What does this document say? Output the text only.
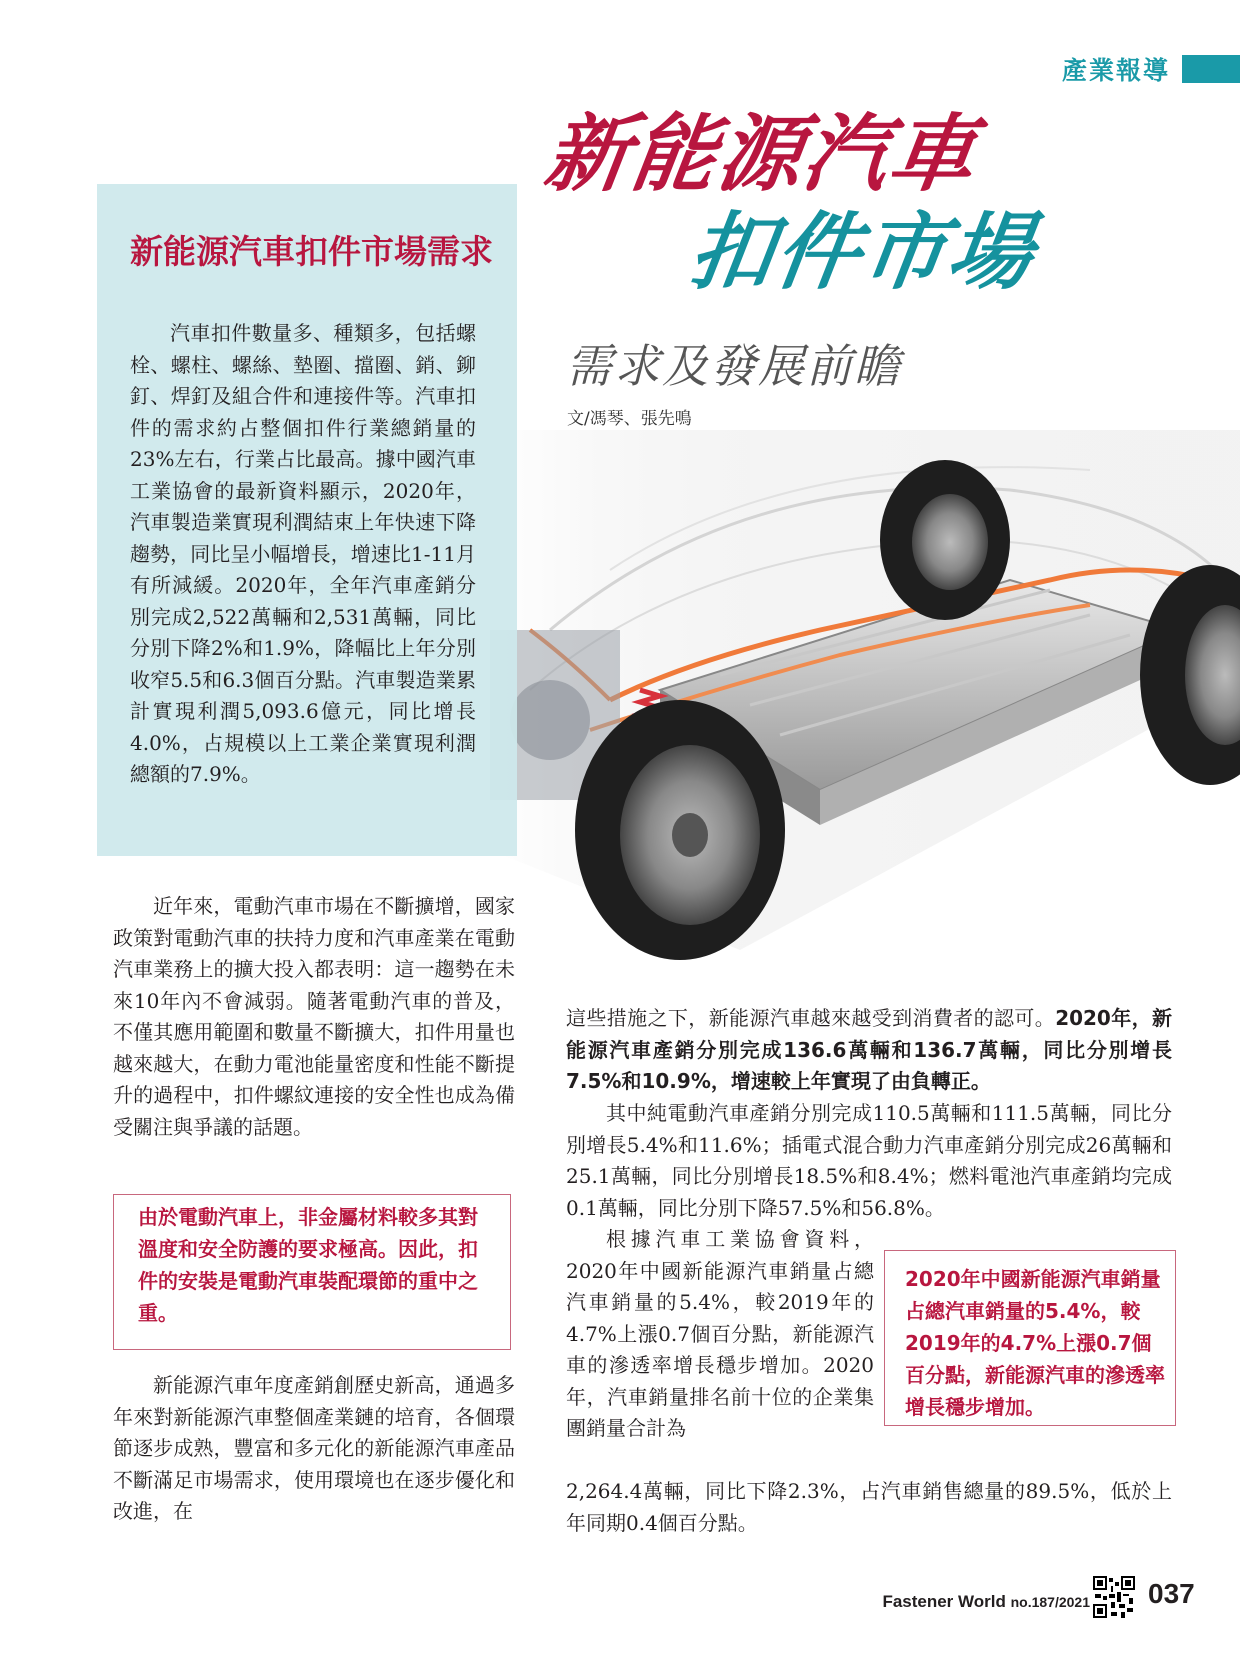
產業報導
新能源汽車
扣件市場
需求及發展前瞻
文/馮琴、張先鳴
新能源汽車扣件市場需求
汽車扣件數量多、種類多，包括螺栓、螺柱、螺絲、墊圈、擋圈、銷、鉚釘、焊釘及組合件和連接件等。汽車扣件的需求約占整個扣件行業總銷量的23%左右，行業占比最高。據中國汽車工業協會的最新資料顯示，2020年，汽車製造業實現利潤結束上年快速下降趨勢，同比呈小幅增長，增速比1-11月有所減緩。2020年，全年汽車產銷分別完成2,522萬輛和2,531萬輛，同比分別下降2%和1.9%，降幅比上年分別收窄5.5和6.3個百分點。汽車製造業累計實現利潤5,093.6億元，同比增長4.0%，占規模以上工業企業實現利潤總額的7.9%。
近年來，電動汽車市場在不斷擴增，國家政策對電動汽車的扶持力度和汽車產業在電動汽車業務上的擴大投入都表明：這一趨勢在未來10年內不會減弱。隨著電動汽車的普及，不僅其應用範圍和數量不斷擴大，扣件用量也越來越大，在動力電池能量密度和性能不斷提升的過程中，扣件螺紋連接的安全性也成為備受關注與爭議的話題。
由於電動汽車上，非金屬材料較多其對溫度和安全防護的要求極高。因此，扣件的安裝是電動汽車裝配環節的重中之重。
新能源汽車年度產銷創歷史新高，通過多年來對新能源汽車整個產業鏈的培育，各個環節逐步成熟，豐富和多元化的新能源汽車產品不斷滿足市場需求，使用環境也在逐步優化和改進，在
這些措施之下，新能源汽車越來越受到消費者的認可。2020年，新能源汽車產銷分別完成136.6萬輛和136.7萬輛，同比分別增長7.5%和10.9%，增速較上年實現了由負轉正。
其中純電動汽車產銷分別完成110.5萬輛和111.5萬輛，同比分別增長5.4%和11.6%；插電式混合動力汽車產銷分別完成26萬輛和25.1萬輛，同比分別增長18.5%和8.4%；燃料電池汽車產銷均完成0.1萬輛，同比分別下降57.5%和56.8%。
根據汽車工業協會資料，2020年中國新能源汽車銷量占總汽車銷量的5.4%，較2019年的4.7%上漲0.7個百分點，新能源汽車的滲透率增長穩步增加。2020年，汽車銷量排名前十位的企業集團銷量合計為
2,264.4萬輛，同比下降2.3%，占汽車銷售總量的89.5%，低於上年同期0.4個百分點。
2020年中國新能源汽車銷量占總汽車銷量的5.4%，較2019年的4.7%上漲0.7個百分點，新能源汽車的滲透率增長穩步增加。
Fastener World no.187/2021 037
